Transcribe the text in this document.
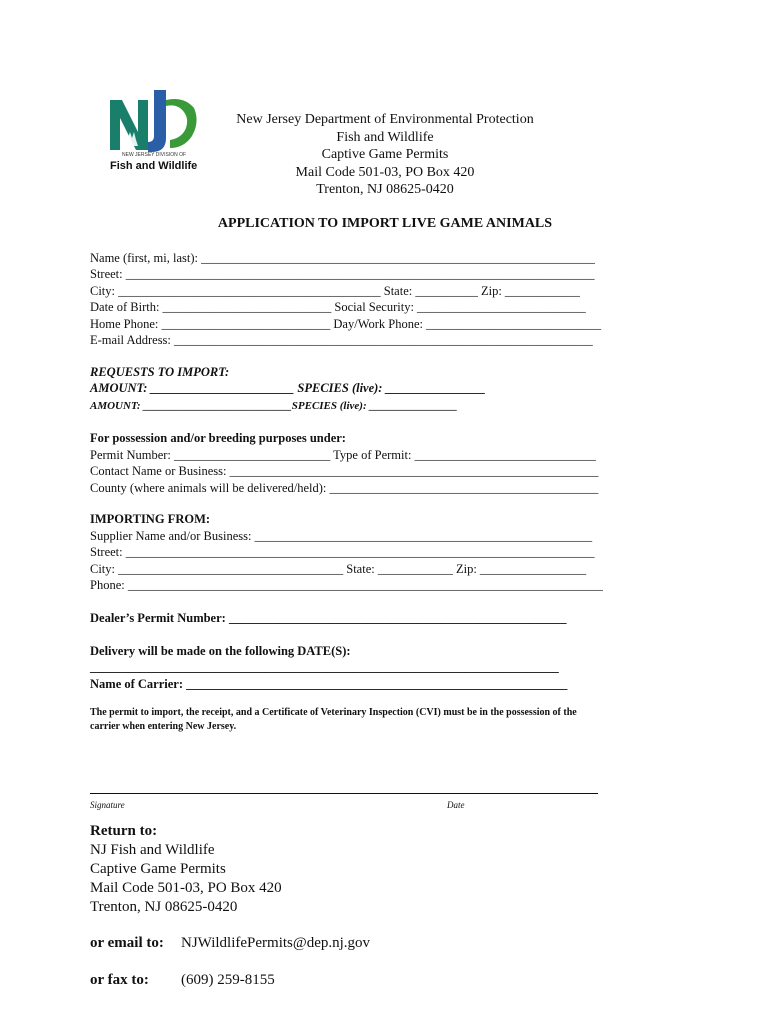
NEW JERSEY DIVISION OF
Fish and Wildlife
New Jersey Department of Environmental Protection
Fish and Wildlife
Captive Game Permits
Mail Code 501-03, PO Box 420
Trenton, NJ 08625-0420
APPLICATION TO IMPORT LIVE GAME ANIMALS
Name (first, mi, last): _______________________________________________________________
Street: ___________________________________________________________________________
City: __________________________________________ State: __________ Zip: ____________
Date of Birth: ___________________________ Social Security: ___________________________
Home Phone: ___________________________ Day/Work Phone: ____________________________
E-mail Address: ___________________________________________________________________
REQUESTS TO IMPORT:
AMOUNT: _______________________ SPECIES (live): ________________
AMOUNT: ___________________________SPECIES (live): ________________
For possession and/or breeding purposes under:
Permit Number: _________________________ Type of Permit: _____________________________
Contact Name or Business: ___________________________________________________________
County (where animals will be delivered/held): ___________________________________________
IMPORTING FROM:
Supplier Name and/or Business: ______________________________________________________
Street: ___________________________________________________________________________
City: ____________________________________ State: ____________ Zip: _________________
Phone: ____________________________________________________________________________
Dealer’s Permit Number: ______________________________________________________
Delivery will be made on the following DATE(S):
___________________________________________________________________________
Name of Carrier: _____________________________________________________________
The permit to import, the receipt, and a Certificate of Veterinary Inspection (CVI) must be in the possession of the
carrier when entering New Jersey.
Signature	Date
Return to:
NJ Fish and Wildlife
Captive Game Permits
Mail Code 501-03, PO Box 420
Trenton, NJ 08625-0420
or email to: NJWildlifePermits@dep.nj.gov
or fax to: (609) 259-8155
